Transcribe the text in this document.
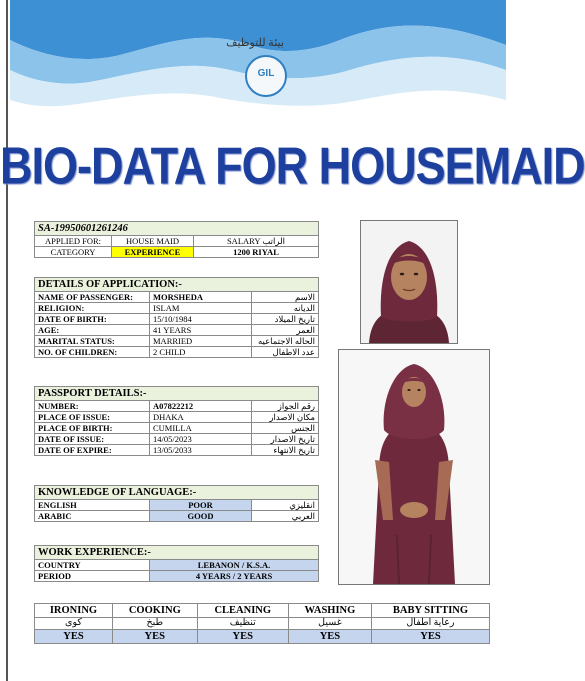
بيئة للتوظيف
GIL
BIO-DATA FOR HOUSEMAID
SA-19950601261246		
APPLIED FOR:	HOUSE MAID	SALARY الراتب
CATEGORY	EXPERIENCE	1200 RIYAL
DETAILS OF APPLICATION:-		
NAME OF PASSENGER:	MORSHEDA	الاسم
RELIGION:	ISLAM	الديانه
DATE OF BIRTH:	15/10/1984	تاريخ الميلاد
AGE:	41 YEARS	العمر
MARITAL STATUS:	MARRIED	الحاله الاجتماعيه
NO. OF CHILDREN:	2 CHILD	عدد الاطفال
PASSPORT DETAILS:-		
NUMBER:	A07822212	رقم الجواز
PLACE OF ISSUE:	DHAKA	مكان الاصدار
PLACE OF BIRTH:	CUMILLA	الجنس
DATE OF ISSUE:	14/05/2023	تاريخ الاصدار
DATE OF EXPIRE:	13/05/2033	تاريخ الانتهاء
KNOWLEDGE OF LANGUAGE:-		
ENGLISH	POOR	انقليزي
ARABIC	GOOD	العربي
WORK EXPERIENCE:-	
COUNTRY	LEBANON / K.S.A.
PERIOD	4 YEARS / 2 YEARS
IRONING	COOKING	CLEANING	WASHING	BABY SITTING
كوى	طبخ	تنظيف	غسيل	رعاية اطفال
YES	YES	YES	YES	YES
